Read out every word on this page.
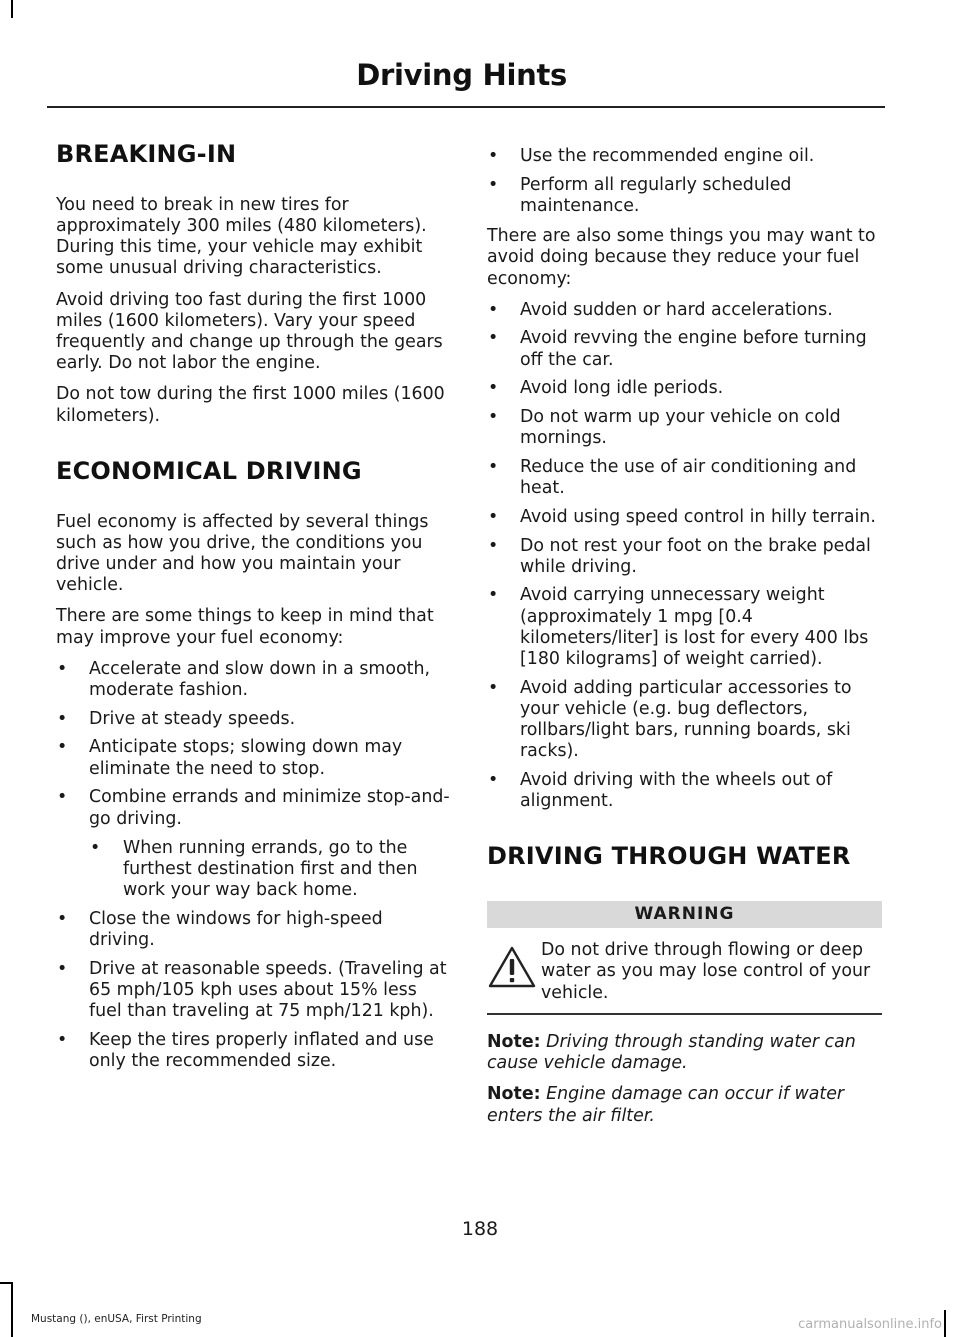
Driving Hints
BREAKING-IN

You need to break in new tires for approximately 300 miles (480 kilometers). During this time, your vehicle may exhibit some unusual driving characteristics.

Avoid driving too fast during the first 1000 miles (1600 kilometers). Vary your speed frequently and change up through the gears early. Do not labor the engine.

Do not tow during the first 1000 miles (1600 kilometers).

ECONOMICAL DRIVING

Fuel economy is affected by several things such as how you drive, the conditions you drive under and how you maintain your vehicle.

There are some things to keep in mind that may improve your fuel economy:

• Accelerate and slow down in a smooth, moderate fashion.
• Drive at steady speeds.
• Anticipate stops; slowing down may eliminate the need to stop.
• Combine errands and minimize stop-and-go driving.
• When running errands, go to the furthest destination first and then work your way back home.
• Close the windows for high-speed driving.
• Drive at reasonable speeds. (Traveling at 65 mph/105 kph uses about 15% less fuel than traveling at 75 mph/121 kph).
• Keep the tires properly inflated and use only the recommended size.
• Use the recommended engine oil.
• Perform all regularly scheduled maintenance.

There are also some things you may want to avoid doing because they reduce your fuel economy:

• Avoid sudden or hard accelerations.
• Avoid revving the engine before turning off the car.
• Avoid long idle periods.
• Do not warm up your vehicle on cold mornings.
• Reduce the use of air conditioning and heat.
• Avoid using speed control in hilly terrain.
• Do not rest your foot on the brake pedal while driving.
• Avoid carrying unnecessary weight (approximately 1 mpg [0.4 kilometers/liter] is lost for every 400 lbs [180 kilograms] of weight carried).
• Avoid adding particular accessories to your vehicle (e.g. bug deflectors, rollbars/light bars, running boards, ski racks).
• Avoid driving with the wheels out of alignment.
DRIVING THROUGH WATER
WARNING
Do not drive through flowing or deep water as you may lose control of your vehicle.

Note: Driving through standing water can cause vehicle damage.

Note: Engine damage can occur if water enters the air filter.

188
Mustang (), enUSA, First Printing	carmanualsonline.info
